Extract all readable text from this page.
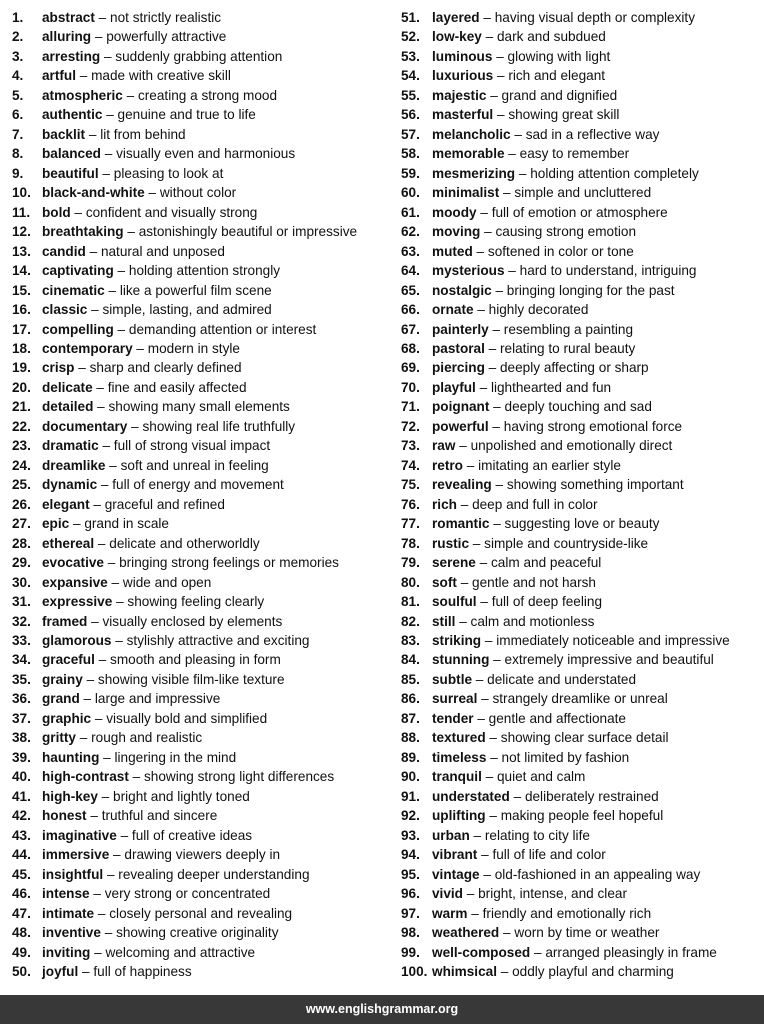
1. abstract – not strictly realistic
2. alluring – powerfully attractive
3. arresting – suddenly grabbing attention
4. artful – made with creative skill
5. atmospheric – creating a strong mood
6. authentic – genuine and true to life
7. backlit – lit from behind
8. balanced – visually even and harmonious
9. beautiful – pleasing to look at
10. black-and-white – without color
11. bold – confident and visually strong
12. breathtaking – astonishingly beautiful or impressive
13. candid – natural and unposed
14. captivating – holding attention strongly
15. cinematic – like a powerful film scene
16. classic – simple, lasting, and admired
17. compelling – demanding attention or interest
18. contemporary – modern in style
19. crisp – sharp and clearly defined
20. delicate – fine and easily affected
21. detailed – showing many small elements
22. documentary – showing real life truthfully
23. dramatic – full of strong visual impact
24. dreamlike – soft and unreal in feeling
25. dynamic – full of energy and movement
26. elegant – graceful and refined
27. epic – grand in scale
28. ethereal – delicate and otherworldly
29. evocative – bringing strong feelings or memories
30. expansive – wide and open
31. expressive – showing feeling clearly
32. framed – visually enclosed by elements
33. glamorous – stylishly attractive and exciting
34. graceful – smooth and pleasing in form
35. grainy – showing visible film-like texture
36. grand – large and impressive
37. graphic – visually bold and simplified
38. gritty – rough and realistic
39. haunting – lingering in the mind
40. high-contrast – showing strong light differences
41. high-key – bright and lightly toned
42. honest – truthful and sincere
43. imaginative – full of creative ideas
44. immersive – drawing viewers deeply in
45. insightful – revealing deeper understanding
46. intense – very strong or concentrated
47. intimate – closely personal and revealing
48. inventive – showing creative originality
49. inviting – welcoming and attractive
50. joyful – full of happiness
51. layered – having visual depth or complexity
52. low-key – dark and subdued
53. luminous – glowing with light
54. luxurious – rich and elegant
55. majestic – grand and dignified
56. masterful – showing great skill
57. melancholic – sad in a reflective way
58. memorable – easy to remember
59. mesmerizing – holding attention completely
60. minimalist – simple and uncluttered
61. moody – full of emotion or atmosphere
62. moving – causing strong emotion
63. muted – softened in color or tone
64. mysterious – hard to understand, intriguing
65. nostalgic – bringing longing for the past
66. ornate – highly decorated
67. painterly – resembling a painting
68. pastoral – relating to rural beauty
69. piercing – deeply affecting or sharp
70. playful – lighthearted and fun
71. poignant – deeply touching and sad
72. powerful – having strong emotional force
73. raw – unpolished and emotionally direct
74. retro – imitating an earlier style
75. revealing – showing something important
76. rich – deep and full in color
77. romantic – suggesting love or beauty
78. rustic – simple and countryside-like
79. serene – calm and peaceful
80. soft – gentle and not harsh
81. soulful – full of deep feeling
82. still – calm and motionless
83. striking – immediately noticeable and impressive
84. stunning – extremely impressive and beautiful
85. subtle – delicate and understated
86. surreal – strangely dreamlike or unreal
87. tender – gentle and affectionate
88. textured – showing clear surface detail
89. timeless – not limited by fashion
90. tranquil – quiet and calm
91. understated – deliberately restrained
92. uplifting – making people feel hopeful
93. urban – relating to city life
94. vibrant – full of life and color
95. vintage – old-fashioned in an appealing way
96. vivid – bright, intense, and clear
97. warm – friendly and emotionally rich
98. weathered – worn by time or weather
99. well-composed – arranged pleasingly in frame
100. whimsical – oddly playful and charming
www.englishgrammar.org
